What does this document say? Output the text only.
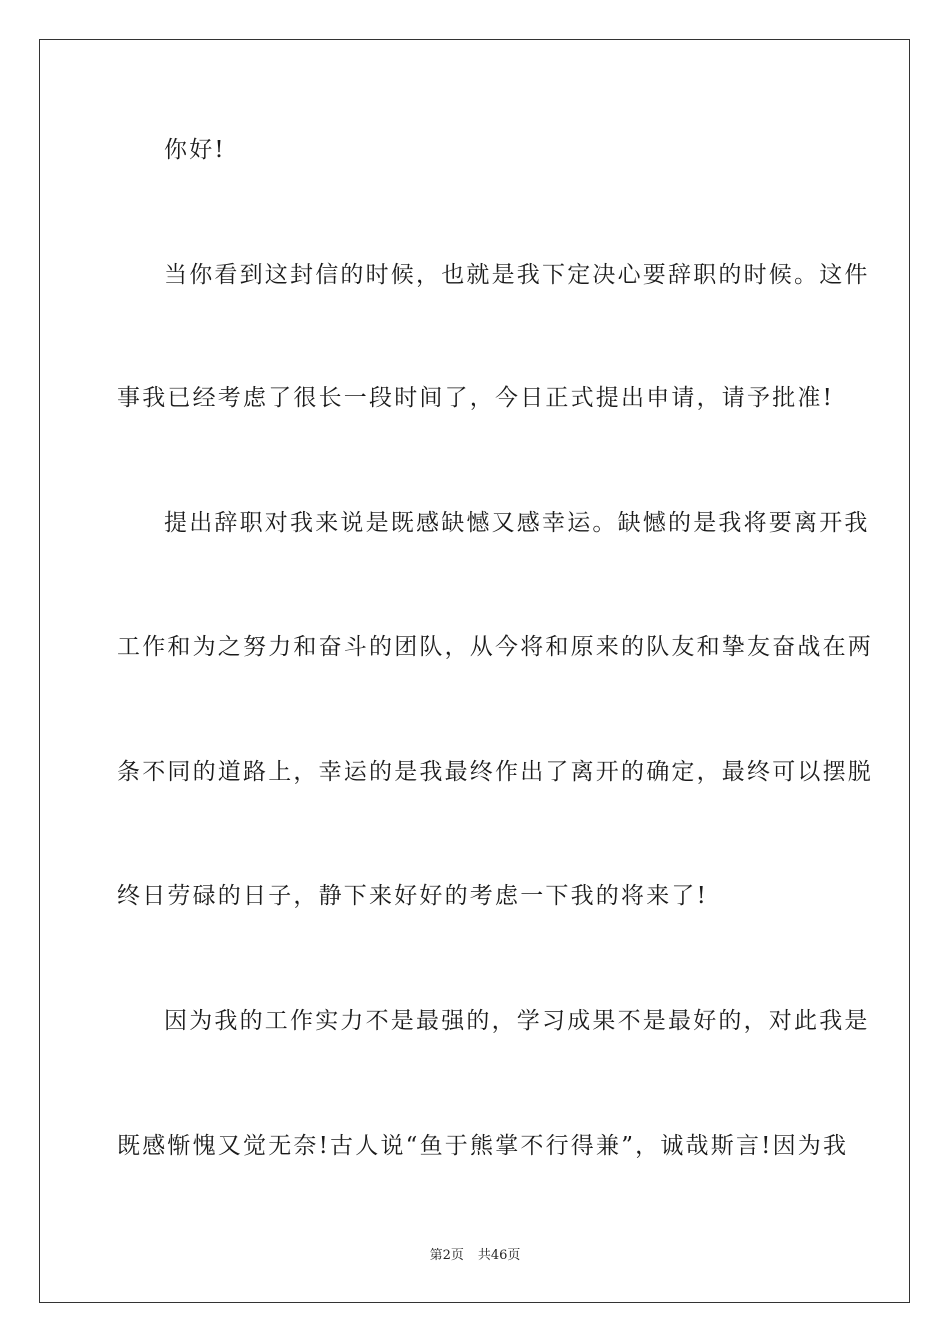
你好!
当你看到这封信的时候，也就是我下定决心要辞职的时候。这件
事我已经考虑了很长一段时间了，今日正式提出申请，请予批准!
提出辞职对我来说是既感缺憾又感幸运。缺憾的是我将要离开我
工作和为之努力和奋斗的团队，从今将和原来的队友和挚友奋战在两
条不同的道路上，幸运的是我最终作出了离开的确定，最终可以摆脱
终日劳碌的日子，静下来好好的考虑一下我的将来了!
因为我的工作实力不是最强的，学习成果不是最好的，对此我是
既感惭愧又觉无奈!古人说“鱼于熊掌不行得兼”，诚哉斯言!因为我
第2页 共46页
